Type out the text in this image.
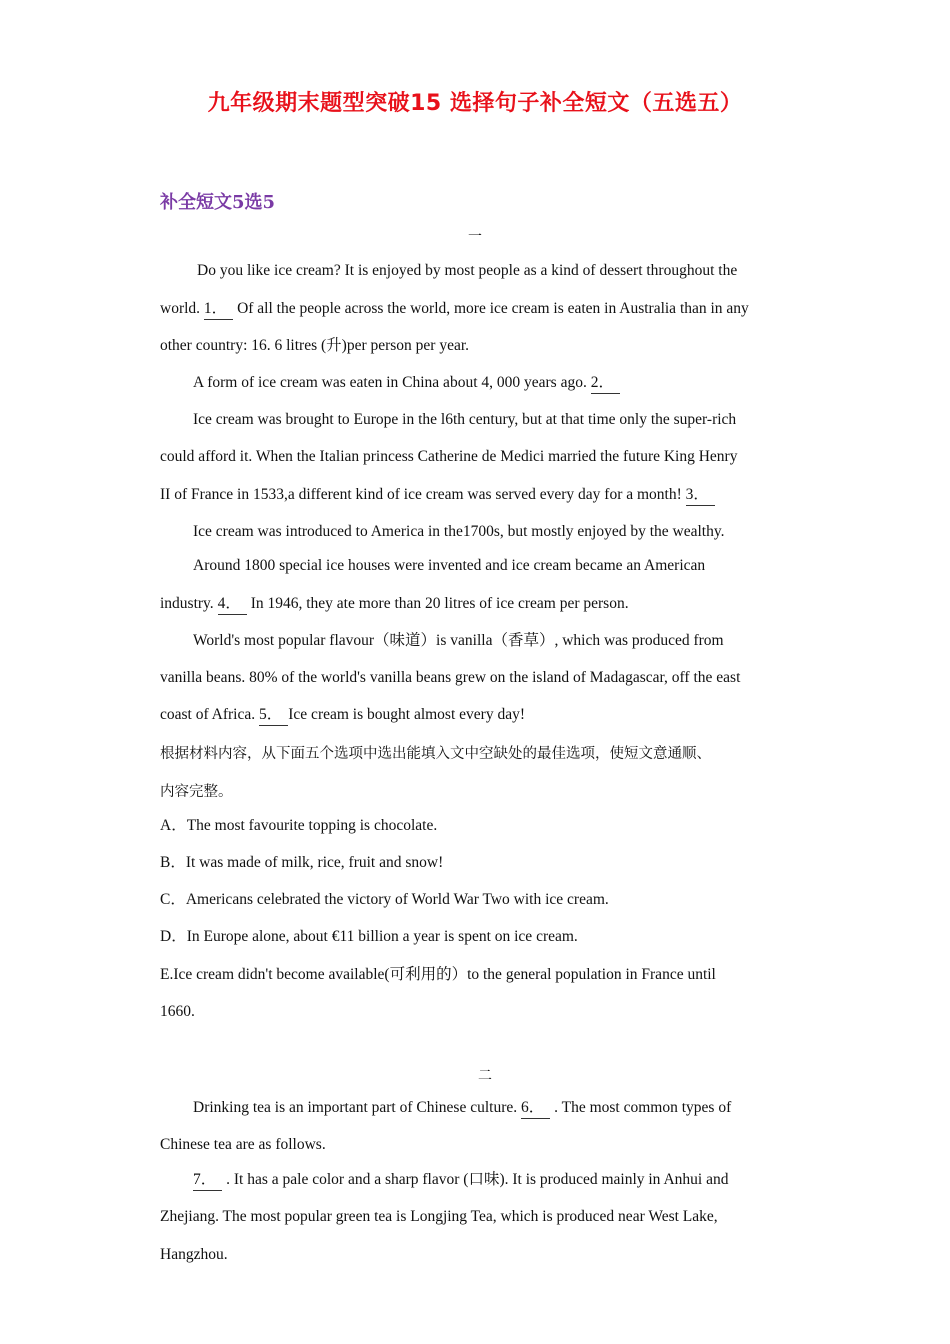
九年级期末题型突破15 选择句子补全短文（五选五）
补全短文5选5
一
Do you like ice cream? It is enjoyed by most people as a kind of dessert throughout the
world. 1． Of all the people across the world, more ice cream is eaten in Australia than in any
other country: 16. 6 litres (升)per person per year.
A form of ice cream was eaten in China about 4, 000 years ago. 2．
Ice cream was brought to Europe in the l6th century, but at that time only the super-rich
could afford it. When the Italian princess Catherine de Medici married the future King Henry
II of France in 1533,a different kind of ice cream was served every day for a month! 3．
Ice cream was introduced to America in the1700s, but mostly enjoyed by the wealthy.
Around 1800 special ice houses were invented and ice cream became an American
industry. 4． In 1946, they ate more than 20 litres of ice cream per person.
World's most popular flavour（味道）is vanilla（香草）, which was produced from
vanilla beans. 80% of the world's vanilla beans grew on the island of Madagascar, off the east
coast of Africa. 5． Ice cream is bought almost every day!
根据材料内容，从下面五个选项中选出能填入文中空缺处的最佳选项，使短文意通顺、
内容完整。
A．The most favourite topping is chocolate.
B．It was made of milk, rice, fruit and snow!
C．Americans celebrated the victory of World War Two with ice cream.
D．In Europe alone, about €11 billion a year is spent on ice cream.
E.Ice cream didn't become available(可利用的）to the general population in France until
1660.
二
Drinking tea is an important part of Chinese culture. 6． . The most common types of
Chinese tea are as follows.
7． . It has a pale color and a sharp flavor (口味). It is produced mainly in Anhui and
Zhejiang. The most popular green tea is Longjing Tea, which is produced near West Lake,
Hangzhou.
